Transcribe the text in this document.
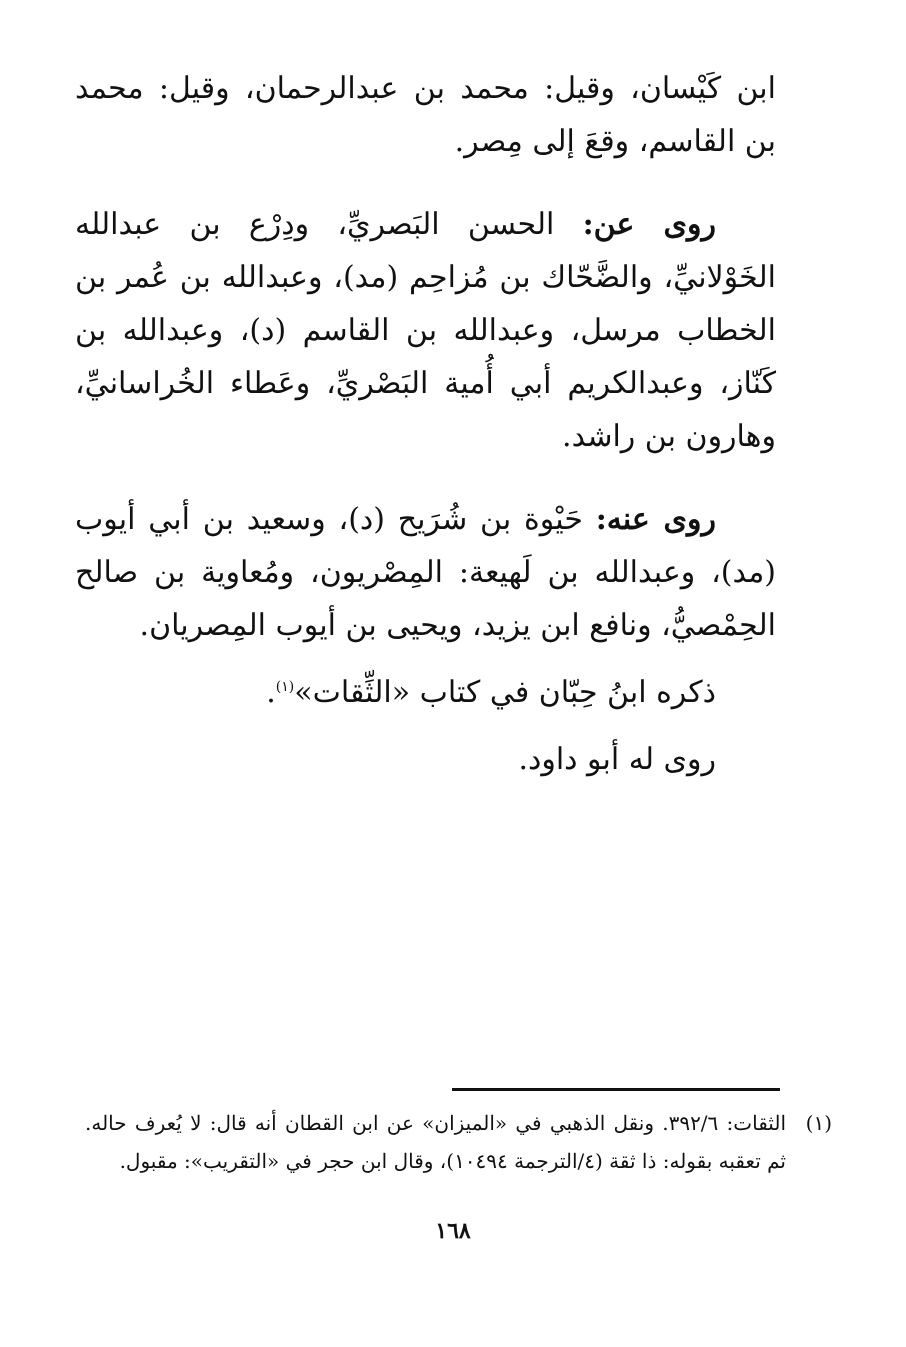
ابن كَيْسان، وقيل: محمد بن عبدالرحمان، وقيل: محمد بن القاسم، وقعَ إلى مِصر.

روى عن: الحسن البَصريِّ، ودِرْع بن عبدالله الخَوْلانيِّ، والضَّحّاك بن مُزاحِم (مد)، وعبدالله بن عُمر بن الخطاب مرسل، وعبدالله بن القاسم (د)، وعبدالله بن كَنّاز، وعبدالكريم أبي أُمية البَصْريِّ، وعَطاء الخُراسانيِّ، وهارون بن راشد.

روى عنه: حَيْوة بن شُرَيح (د)، وسعيد بن أبي أيوب (مد)، وعبدالله بن لَهيعة: المِصْريون، ومُعاوية بن صالح الحِمْصيُّ، ونافع ابن يزيد، ويحيى بن أيوب المِصريان.

ذكره ابنُ حِبّان في كتاب «الثِّقات»$^{(١)}$.

روى له أبو داود.

(١)

الثقات: ٣٩٢/٦. ونقل الذهبي في «الميزان» عن ابن القطان أنه قال: لا يُعرف حاله. ثم تعقبه بقوله: ذا ثقة (٤/الترجمة ١٠٤٩٤)، وقال ابن حجر في «التقريب»: مقبول.

١٦٨
